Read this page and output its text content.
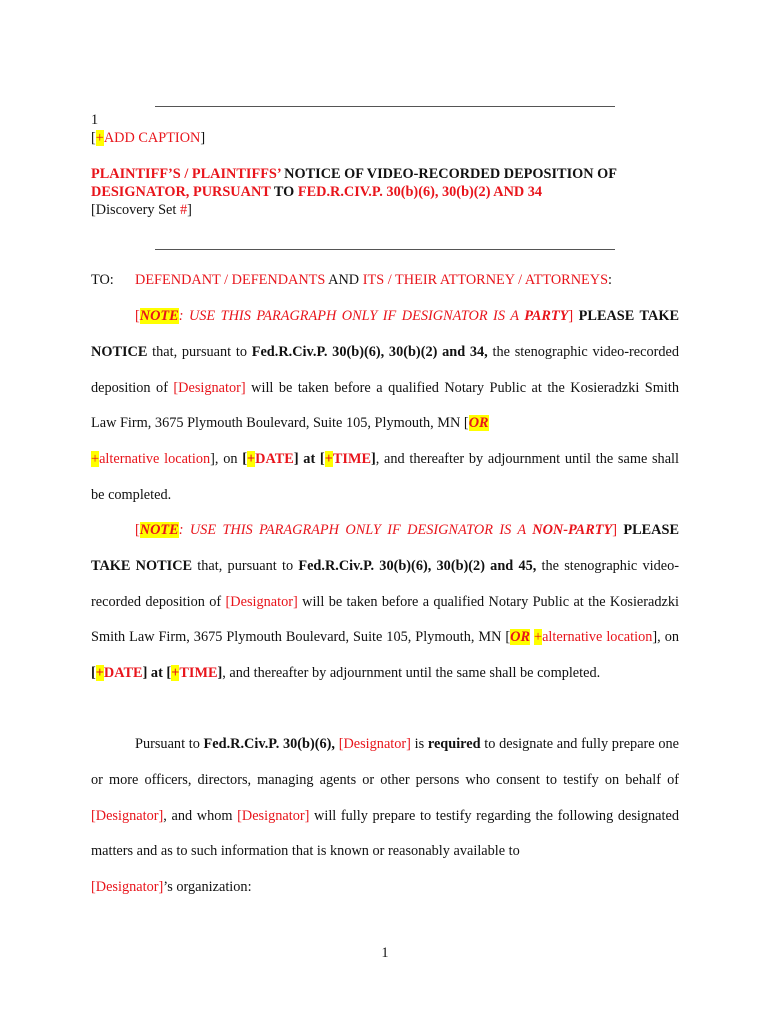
1
[+ADD CAPTION]
PLAINTIFF’S / PLAINTIFFS’ NOTICE OF VIDEO-RECORDED DEPOSITION OF
DESIGNATOR, PURSUANT TO FED.R.CIV.P. 30(b)(6), 30(b)(2) AND 34
[Discovery Set #]
TO: DEFENDANT / DEFENDANTS AND ITS / THEIR ATTORNEY / ATTORNEYS:
[NOTE: USE THIS PARAGRAPH ONLY IF DESIGNATOR IS A PARTY] PLEASE TAKE NOTICE that, pursuant to Fed.R.Civ.P. 30(b)(6), 30(b)(2) and 34, the stenographic video-recorded deposition of [Designator] will be taken before a qualified Notary Public at the Kosieradzki Smith Law Firm, 3675 Plymouth Boulevard, Suite 105, Plymouth, MN [OR
+alternative location], on [+DATE] at [+TIME], and thereafter by adjournment until the same shall be completed.
[NOTE: USE THIS PARAGRAPH ONLY IF DESIGNATOR IS A NON-PARTY] PLEASE TAKE NOTICE that, pursuant to Fed.R.Civ.P. 30(b)(6), 30(b)(2) and 45, the stenographic video-recorded deposition of [Designator] will be taken before a qualified Notary Public at the Kosieradzki Smith Law Firm, 3675 Plymouth Boulevard, Suite 105, Plymouth, MN [OR +alternative location], on [+DATE] at [+TIME], and thereafter by adjournment until the same shall be completed.
Pursuant to Fed.R.Civ.P. 30(b)(6), [Designator] is required to designate and fully prepare one or more officers, directors, managing agents or other persons who consent to testify on behalf of [Designator], and whom [Designator] will fully prepare to testify regarding the following designated matters and as to such information that is known or reasonably available to
[Designator]’s organization:
1
